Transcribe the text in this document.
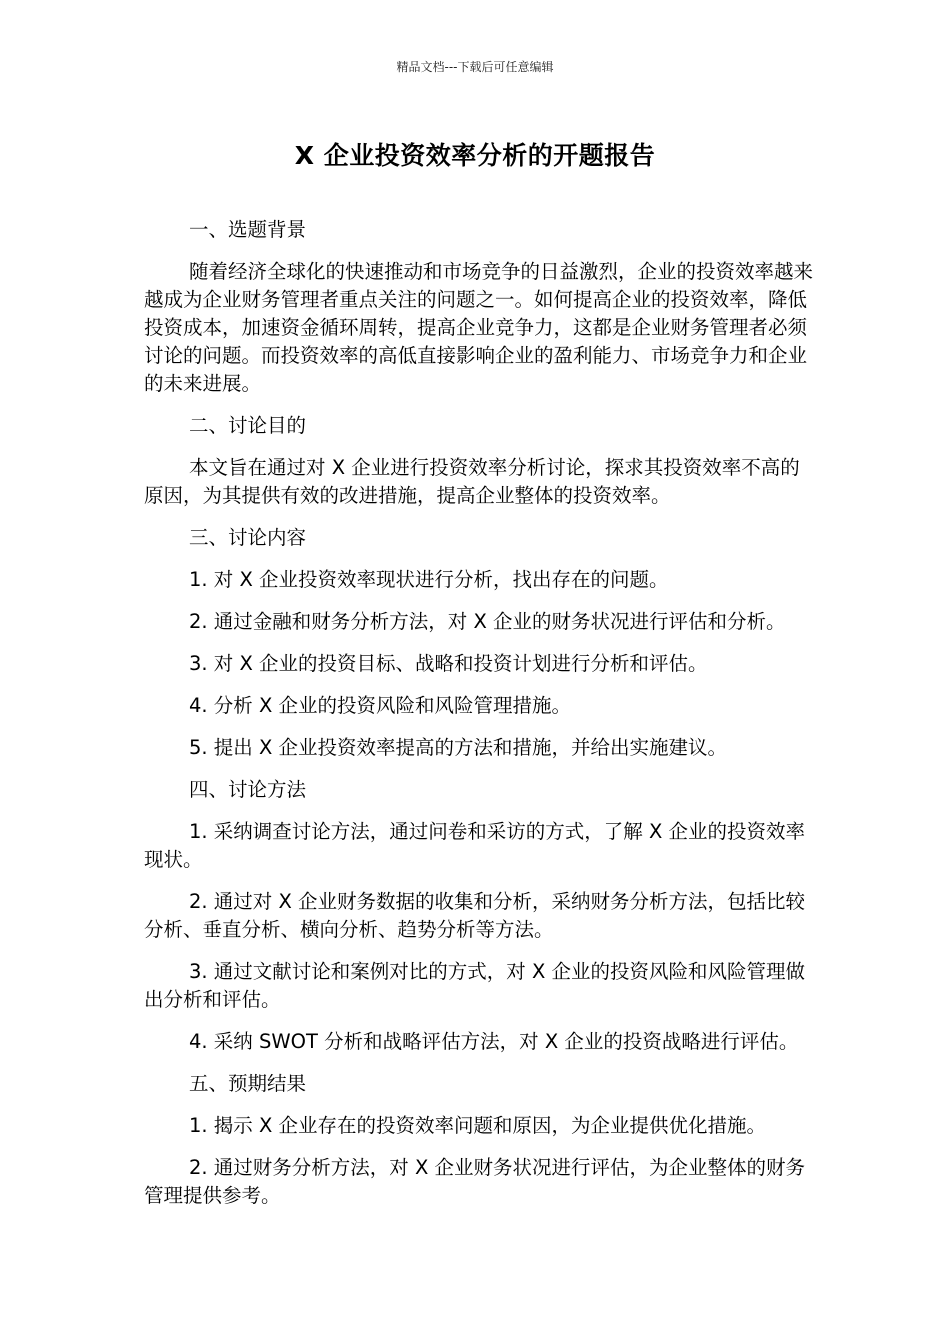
精品文档---下载后可任意编辑
X 企业投资效率分析的开题报告

一、选题背景

随着经济全球化的快速推动和市场竞争的日益激烈，企业的投资效率越来越成为企业财务管理者重点关注的问题之一。如何提高企业的投资效率，降低投资成本，加速资金循环周转，提高企业竞争力，这都是企业财务管理者必须讨论的问题。而投资效率的高低直接影响企业的盈利能力、市场竞争力和企业的未来进展。

二、讨论目的

本文旨在通过对 X 企业进行投资效率分析讨论，探求其投资效率不高的原因，为其提供有效的改进措施，提高企业整体的投资效率。

三、讨论内容

1. 对 X 企业投资效率现状进行分析，找出存在的问题。

2. 通过金融和财务分析方法，对 X 企业的财务状况进行评估和分析。

3. 对 X 企业的投资目标、战略和投资计划进行分析和评估。

4. 分析 X 企业的投资风险和风险管理措施。

5. 提出 X 企业投资效率提高的方法和措施，并给出实施建议。

四、讨论方法

1. 采纳调查讨论方法，通过问卷和采访的方式，了解 X 企业的投资效率现状。

2. 通过对 X 企业财务数据的收集和分析，采纳财务分析方法，包括比较分析、垂直分析、横向分析、趋势分析等方法。

3. 通过文献讨论和案例对比的方式，对 X 企业的投资风险和风险管理做出分析和评估。

4. 采纳 SWOT 分析和战略评估方法，对 X 企业的投资战略进行评估。

五、预期结果

1. 揭示 X 企业存在的投资效率问题和原因，为企业提供优化措施。

2. 通过财务分析方法，对 X 企业财务状况进行评估，为企业整体的财务管理提供参考。
